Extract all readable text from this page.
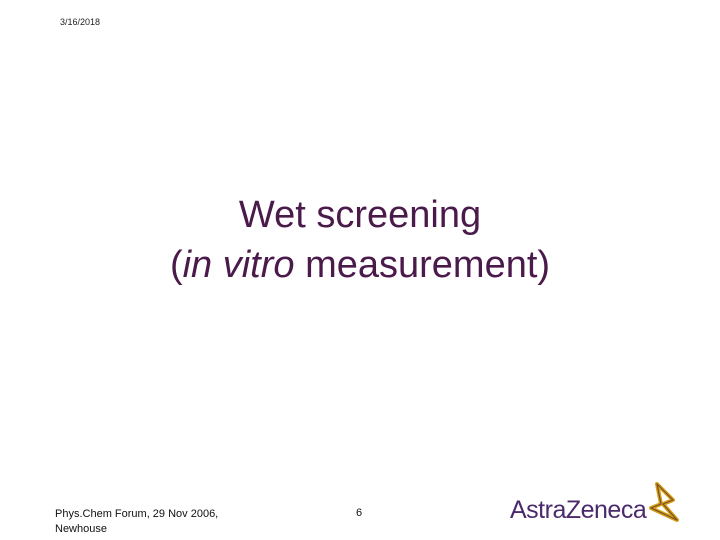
3/16/2018
Wet screening
(in vitro measurement)
Phys.Chem Forum, 29 Nov 2006,
Newhouse
6	AstraZeneca
